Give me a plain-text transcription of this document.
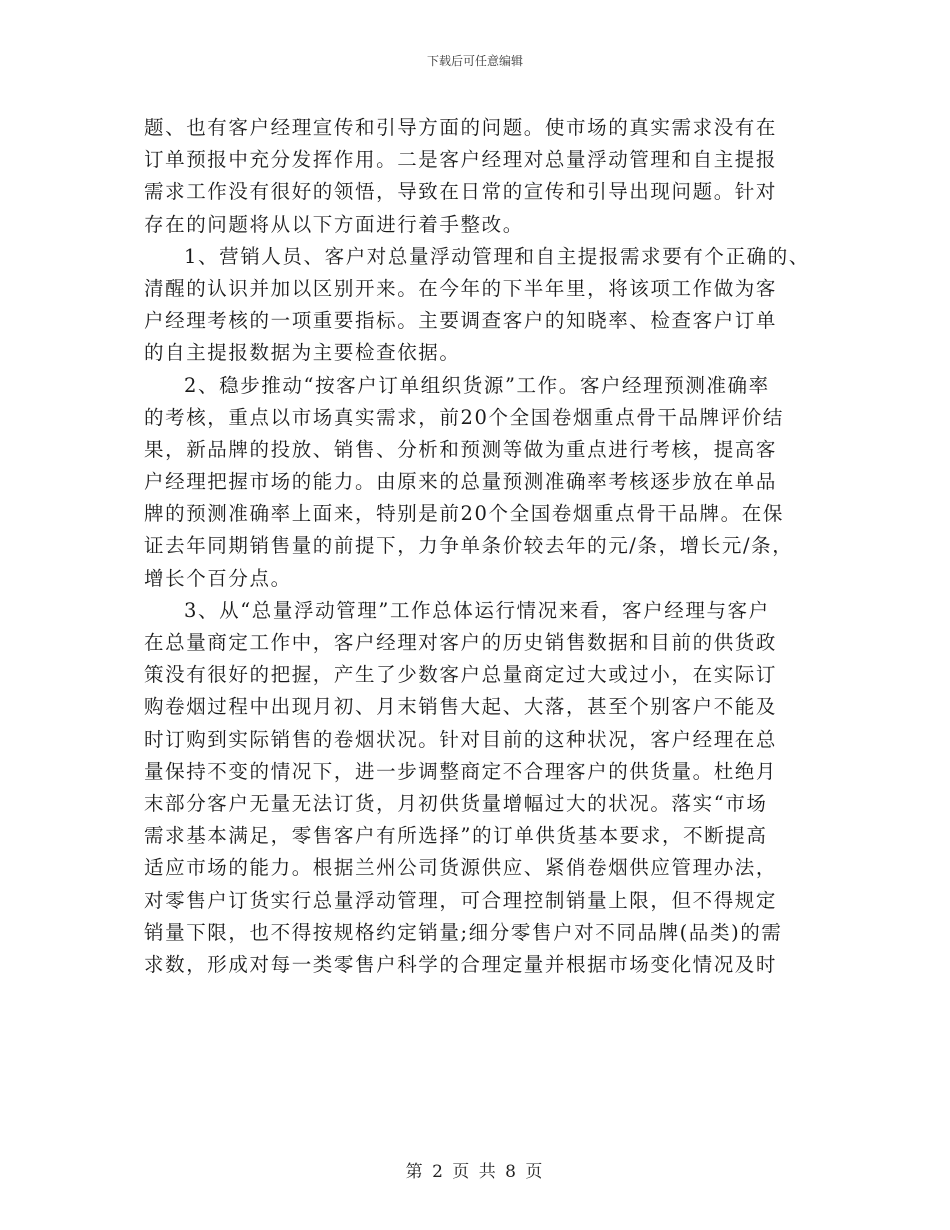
下载后可任意编辑
题、也有客户经理宣传和引导方面的问题。使市场的真实需求没有在
订单预报中充分发挥作用。二是客户经理对总量浮动管理和自主提报
需求工作没有很好的领悟，导致在日常的宣传和引导出现问题。针对
存在的问题将从以下方面进行着手整改。
1、营销人员、客户对总量浮动管理和自主提报需求要有个正确的、
清醒的认识并加以区别开来。在今年的下半年里，将该项工作做为客
户经理考核的一项重要指标。主要调查客户的知晓率、检查客户订单
的自主提报数据为主要检查依据。
2、稳步推动“按客户订单组织货源”工作。客户经理预测准确率
的考核，重点以市场真实需求，前20个全国卷烟重点骨干品牌评价结
果，新品牌的投放、销售、分析和预测等做为重点进行考核，提高客
户经理把握市场的能力。由原来的总量预测准确率考核逐步放在单品
牌的预测准确率上面来，特别是前20个全国卷烟重点骨干品牌。在保
证去年同期销售量的前提下，力争单条价较去年的元/条，增长元/条，
增长个百分点。
3、从“总量浮动管理”工作总体运行情况来看，客户经理与客户
在总量商定工作中，客户经理对客户的历史销售数据和目前的供货政
策没有很好的把握，产生了少数客户总量商定过大或过小，在实际订
购卷烟过程中出现月初、月末销售大起、大落，甚至个别客户不能及
时订购到实际销售的卷烟状况。针对目前的这种状况，客户经理在总
量保持不变的情况下，进一步调整商定不合理客户的供货量。杜绝月
末部分客户无量无法订货，月初供货量增幅过大的状况。落实“市场
需求基本满足，零售客户有所选择”的订单供货基本要求，不断提高
适应市场的能力。根据兰州公司货源供应、紧俏卷烟供应管理办法，
对零售户订货实行总量浮动管理，可合理控制销量上限，但不得规定
销量下限，也不得按规格约定销量;细分零售户对不同品牌(品类)的需
求数，形成对每一类零售户科学的合理定量并根据市场变化情况及时
第 2 页 共 8 页
